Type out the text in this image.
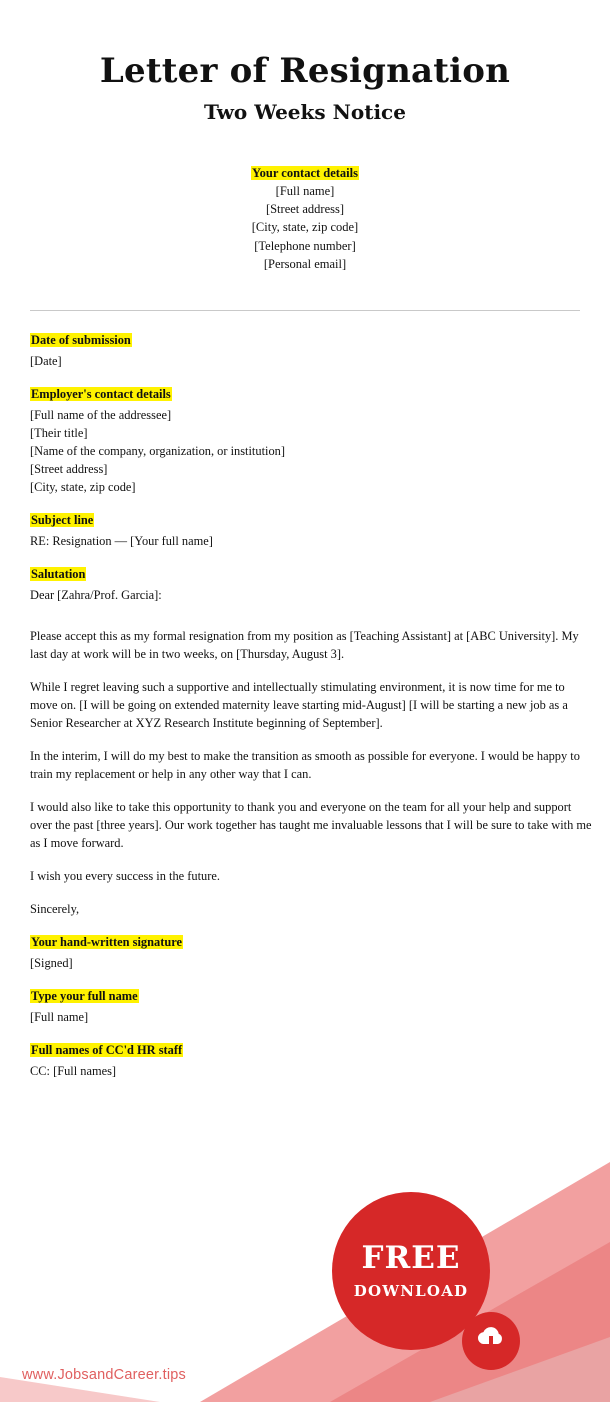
Letter of Resignation
Two Weeks Notice
Your contact details
[Full name]
[Street address]
[City, state, zip code]
[Telephone number]
[Personal email]
Date of submission
[Date]
Employer's contact details
[Full name of the addressee]
[Their title]
[Name of the company, organization, or institution]
[Street address]
[City, state, zip code]
Subject line
RE: Resignation — [Your full name]
Salutation
Dear [Zahra/Prof. Garcia]:

Please accept this as my formal resignation from my position as [Teaching Assistant] at [ABC University]. My last day at work will be in two weeks, on [Thursday, August 3].

While I regret leaving such a supportive and intellectually stimulating environment, it is now time for me to move on. [I will be going on extended maternity leave starting mid-August] [I will be starting a new job as a Senior Researcher at XYZ Research Institute beginning of September].

In the interim, I will do my best to make the transition as smooth as possible for everyone. I would be happy to train my replacement or help in any other way that I can.

I would also like to take this opportunity to thank you and everyone on the team for all your help and support over the past [three years]. Our work together has taught me invaluable lessons that I will be sure to take with me as I move forward.

I wish you every success in the future.

Sincerely,

Your hand-written signature
[Signed]
Type your full name
[Full name]
Full names of CC'd HR staff
CC: [Full names]
FREE
DOWNLOAD
www.JobsandCareer.tips
